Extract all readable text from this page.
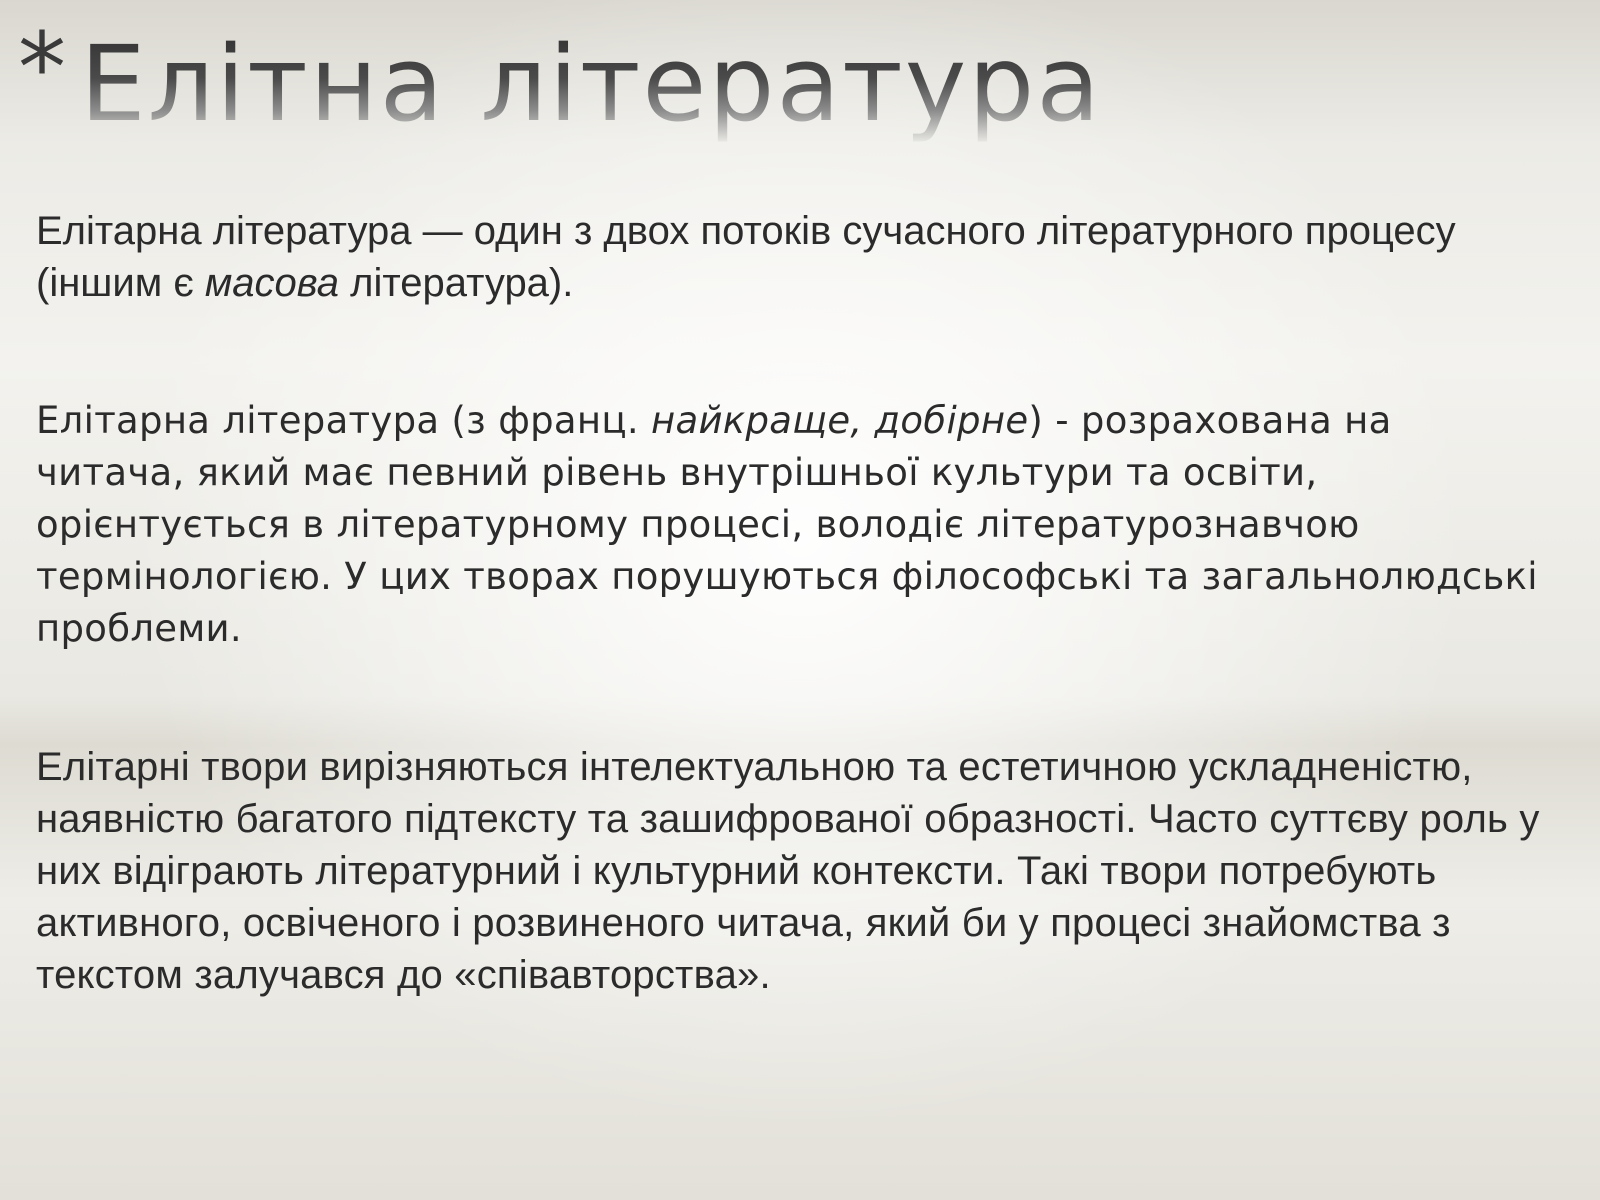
* Елітна література

Елітарна література — один з двох потоків сучасного літературного процесу (іншим є масова література).

Елітарна література (з франц. найкраще, добірне) - розрахована на читача, який має певний рівень внутрішньої культури та освіти, орієнтується в літературному процесі, володіє літературознавчою термінологією. У цих творах порушуються філософські та загальнолюдські проблеми.

Елітарні твори вирізняються інтелектуальною та естетичною ускладненістю, наявністю багатого підтексту та зашифрованої образності. Часто суттєву роль у них відіграють літературний і культурний контексти. Такі твори потребують активного, освіченого і розвиненого читача, який би у процесі знайомства з текстом залучався до «співавторства».
